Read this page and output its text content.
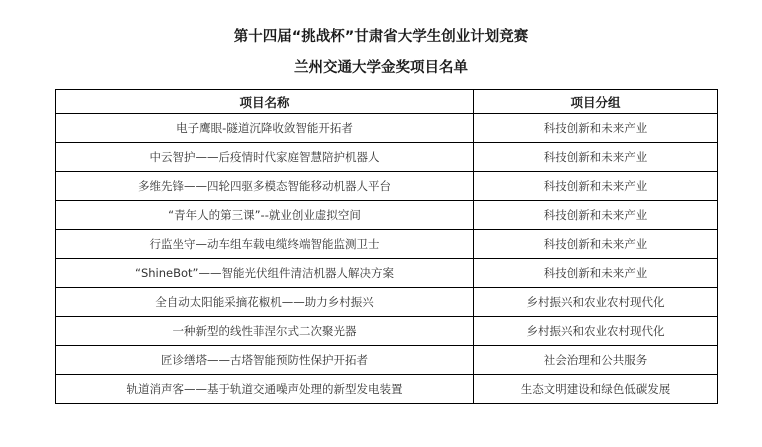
第十四届“挑战杯”甘肃省大学生创业计划竞赛

兰州交通大学金奖项目名单

项目名称	项目分组
电子鹰眼-隧道沉降收敛智能开拓者	科技创新和未来产业
中云智护——后疫情时代家庭智慧陪护机器人	科技创新和未来产业
多维先锋——四轮四驱多模态智能移动机器人平台	科技创新和未来产业
“青年人的第三课”--就业创业虚拟空间	科技创新和未来产业
行监坐守—动车组车载电缆终端智能监测卫士	科技创新和未来产业
“ShineBot”——智能光伏组件清洁机器人解决方案	科技创新和未来产业
全自动太阳能采摘花椒机——助力乡村振兴	乡村振兴和农业农村现代化
一种新型的线性菲涅尔式二次聚光器	乡村振兴和农业农村现代化
匠诊缮塔——古塔智能预防性保护开拓者	社会治理和公共服务
轨道消声客——基于轨道交通噪声处理的新型发电装置	生态文明建设和绿色低碳发展
